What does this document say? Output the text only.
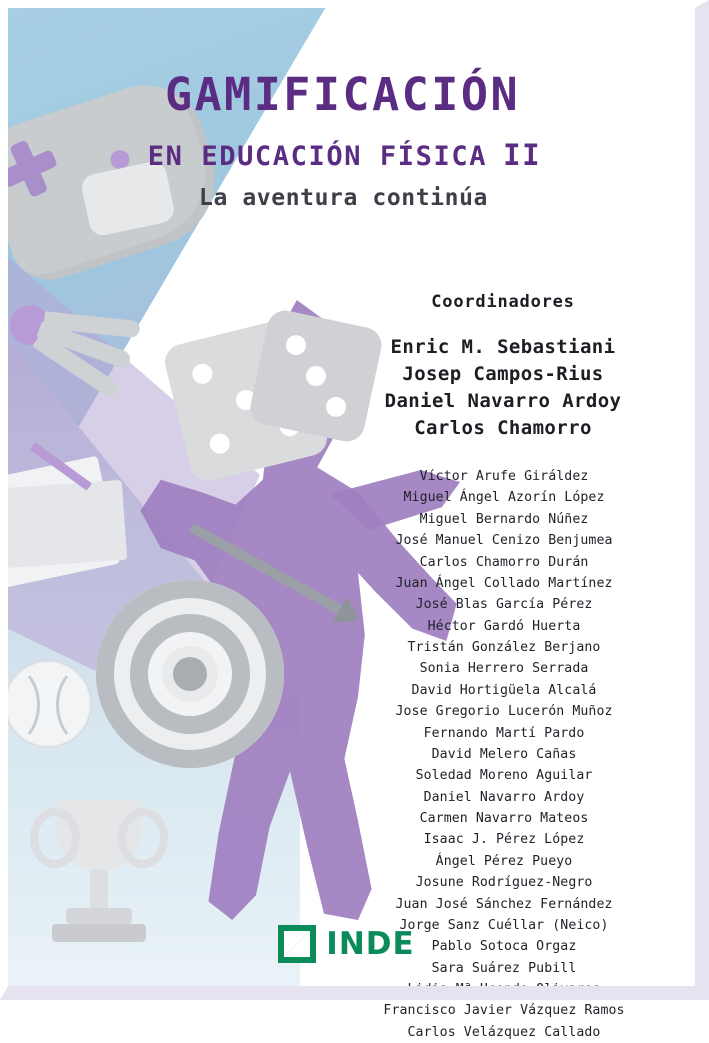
GAMIFICACIÓN
EN EDUCACIÓN FÍSICA II
La aventura continúa
Coordinadores
Enric M. Sebastiani
Josep Campos-Rius
Daniel Navarro Ardoy
Carlos Chamorro
Víctor Arufe Giráldez
Miguel Ángel Azorín López
Miguel Bernardo Núñez
José Manuel Cenizo Benjumea
Carlos Chamorro Durán
Juan Ángel Collado Martínez
José Blas García Pérez
Héctor Gardó Huerta
Tristán González Berjano
Sonia Herrero Serrada
David Hortigüela Alcalá
Jose Gregorio Lucerón Muñoz
Fernando Martí Pardo
David Melero Cañas
Soledad Moreno Aguilar
Daniel Navarro Ardoy
Carmen Navarro Mateos
Isaac J. Pérez López
Ángel Pérez Pueyo
Josune Rodríguez-Negro
Juan José Sánchez Fernández
Jorge Sanz Cuéllar (Neico)
Pablo Sotoca Orgaz
Sara Suárez Pubill
Lidia Mª Ucendo Olivares
Francisco Javier Vázquez Ramos
Carlos Velázquez Callado
INDE
